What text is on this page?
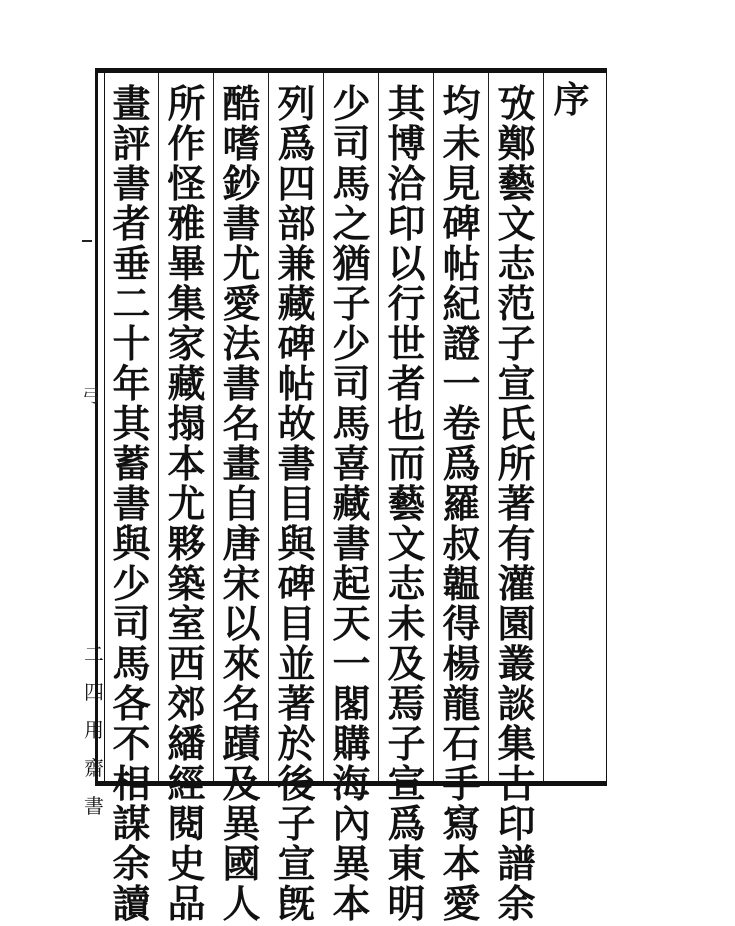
弓
二
四
用
齋
書
序
攷
鄭
藝
文
志
范
子
宣
氏
所
著
有
灌
園
叢
談
集
古
印
譜
余
均
未
見
碑
帖
紀
證
一
卷
爲
羅
叔
韞
得
楊
龍
石
手
寫
本
愛
其
博
洽
印
以
行
世
者
也
而
藝
文
志
未
及
焉
子
宣
爲
東
明
少
司
馬
之
猶
子
少
司
馬
喜
藏
書
起
天
一
閣
購
海
內
異
本
列
爲
四
部
兼
藏
碑
帖
故
書
目
與
碑
目
並
著
於
後
子
宣
旣
酷
嗜
鈔
書
尤
愛
法
書
名
畫
自
唐
宋
以
來
名
蹟
及
異
國
人
所
作
怪
雅
畢
集
家
藏
搨
本
尤
夥
築
室
西
郊
繙
經
閱
史
品
畫
評
書
者
垂
二
十
年
其
蓄
書
與
少
司
馬
各
不
相
謀
余
讀
